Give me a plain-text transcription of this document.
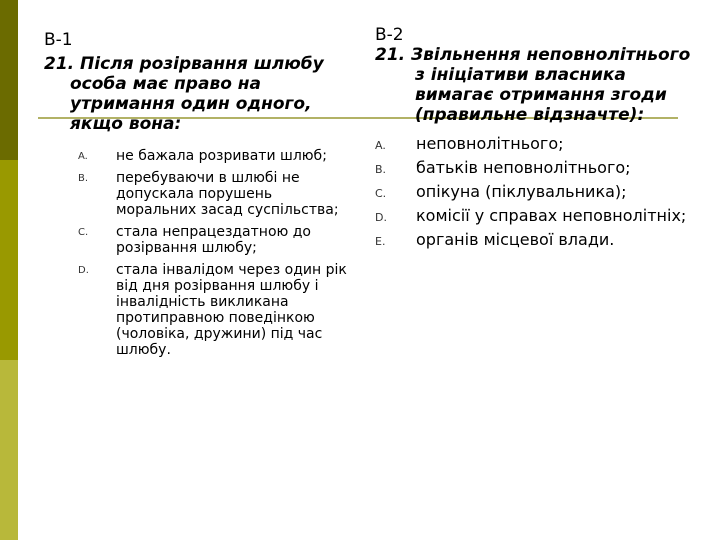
В-1

21. Після розірвання шлюбу особа має право на утримання один одного, якщо вона:

A. не бажала розривати шлюб;
B. перебуваючи в шлюбі не допускала порушень моральних засад суспільства;
C. стала непрацездатною до розірвання шлюбу;
D. стала інвалідом через один рік від дня розірвання шлюбу і інвалідність викликана протиправною поведінкою (чоловіка, дружини) під час шлюбу.

В-2

21. Звільнення неповнолітнього з ініціативи власника вимагає отримання згоди (правильне відзначте):

A. неповнолітнього;
B. батьків неповнолітнього;
C. опікуна (піклувальника);
D. комісії у справах неповнолітніх;
E. органів місцевої влади.
